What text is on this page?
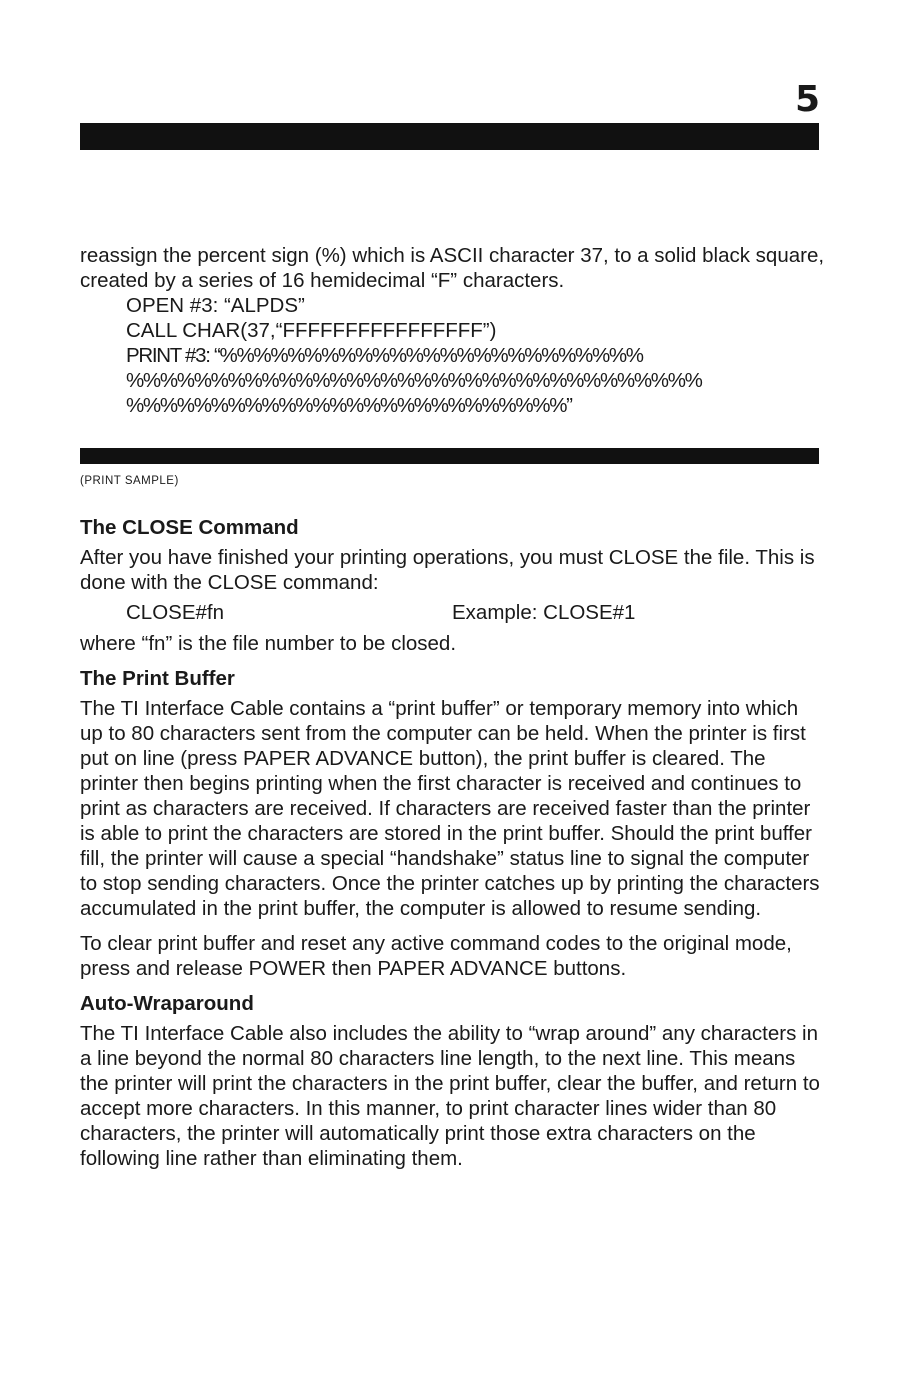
5

reassign the percent sign (%) which is ASCII character 37, to a solid black square, created by a series of 16 hemidecimal “F” characters.

OPEN #3: “ALPDS”
CALL CHAR(37,“FFFFFFFFFFFFFFFF”)
PRINT #3: “%%%%%%%%%%%%%%%%%%%%%%%%%
%%%%%%%%%%%%%%%%%%%%%%%%%%%%%%%%%%
%%%%%%%%%%%%%%%%%%%%%%%%%%”
(PRINT SAMPLE)
The CLOSE Command

After you have finished your printing operations, you must CLOSE the file. This is done with the CLOSE command:

CLOSE#fn	Example: CLOSE#1

where “fn” is the file number to be closed.

The Print Buffer

The TI Interface Cable contains a “print buffer” or temporary memory into which up to 80 characters sent from the computer can be held. When the printer is first put on line (press PAPER ADVANCE button), the print buffer is cleared. The printer then begins printing when the first character is received and continues to print as characters are received. If characters are received faster than the printer is able to print the characters are stored in the print buffer. Should the print buffer fill, the printer will cause a special “handshake” status line to signal the computer to stop sending characters. Once the printer catches up by printing the characters accumulated in the print buffer, the computer is allowed to resume sending.

To clear print buffer and reset any active command codes to the original mode, press and release POWER then PAPER ADVANCE buttons.

Auto-Wraparound

The TI Interface Cable also includes the ability to “wrap around” any characters in a line beyond the normal 80 characters line length, to the next line. This means the printer will print the characters in the print buffer, clear the buffer, and return to accept more characters. In this manner, to print character lines wider than 80 characters, the printer will automatically print those extra characters on the following line rather than eliminating them.
